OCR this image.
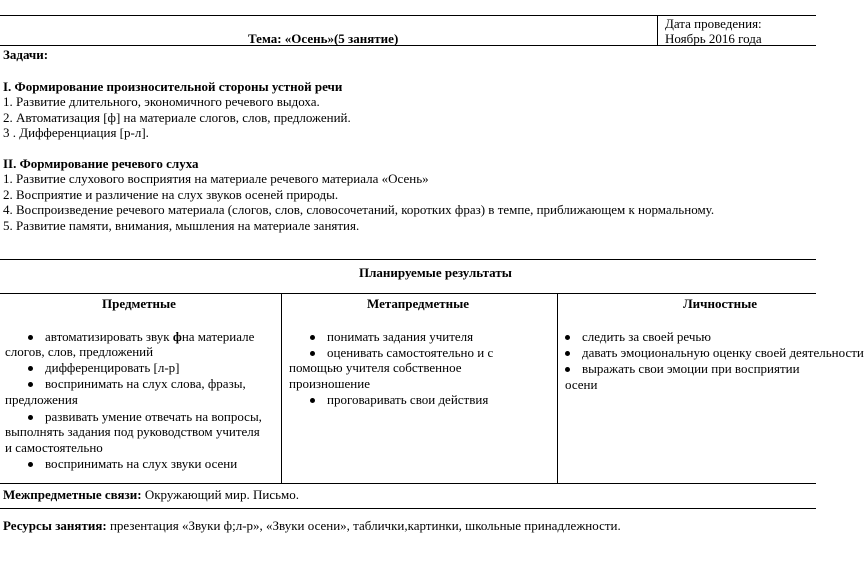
Тема: «Осень»(5 занятие)
Дата проведения:
Ноябрь 2016 года
Задачи:
I. Формирование произносительной стороны устной речи
1. Развитие длительного, экономичного речевого выдоха.
2. Автоматизация [ф] на материале слогов, слов, предложений.
3 . Дифференциация [р-л].
II. Формирование речевого слуха
1. Развитие слухового восприятия на материале речевого материала «Осень»
2. Восприятие и различение на слух звуков осеней природы.
4. Воспроизведение речевого материала (слогов, слов, словосочетаний, коротких фраз) в темпе, приближающем к нормальному.
5. Развитие памяти, внимания, мышления на материале занятия.
Планируемые результаты
Предметные	Метапредметные	Личностные
автоматизировать звук фна материале
слогов, слов, предложений
дифференцировать [л-р]
воспринимать на слух слова, фразы,
предложения
развивать умение отвечать на вопросы,
выполнять задания под руководством учителя
и самостоятельно
воспринимать на слух звуки осени
понимать задания учителя
оценивать самостоятельно и с
помощью учителя собственное
произношение
проговаривать свои действия
следить за своей речью
давать эмоциональную оценку своей деятельности
выражать свои эмоции при восприятии
осени
Межпредметные связи: Окружающий мир. Письмо.
Ресурсы занятия: презентация «Звуки ф;л-р», «Звуки осени», таблички,картинки, школьные принадлежности.
